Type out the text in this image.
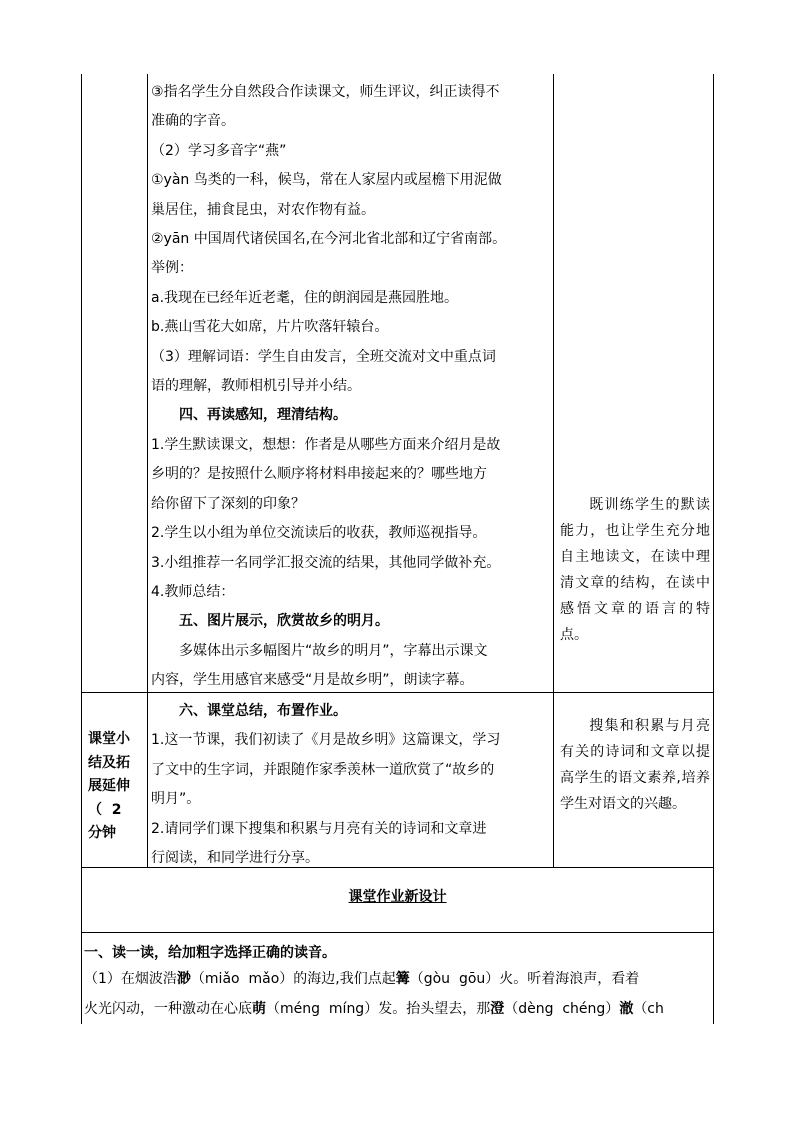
③指名学生分自然段合作读课文，师生评议，纠正读得不

准确的字音。

（2）学习多音字“燕”

①yàn 鸟类的一科，候鸟，常在人家屋内或屋檐下用泥做

巢居住，捕食昆虫，对农作物有益。

②yān 中国周代诸侯国名,在今河北省北部和辽宁省南部。

举例：

a.我现在已经年近老耄，住的朗润园是燕园胜地。

b.燕山雪花大如席，片片吹落轩辕台。

（3）理解词语：学生自由发言，全班交流对文中重点词

语的理解，教师相机引导并小结。

四、再读感知，理清结构。

1.学生默读课文，想想：作者是从哪些方面来介绍月是故

乡明的？是按照什么顺序将材料串接起来的？哪些地方

给你留下了深刻的印象？

2.学生以小组为单位交流读后的收获，教师巡视指导。

3.小组推荐一名同学汇报交流的结果，其他同学做补充。

4.教师总结：

五、图片展示，欣赏故乡的明月。

多媒体出示多幅图片“故乡的明月”，字幕出示课文

内容，学生用感官来感受“月是故乡明”，朗读字幕。

既训练学生的默读能力，也让学生充分地自主地读文，在读中理清文章的结构，在读中感悟文章的语言的特点。

课堂小

结及拓

展延伸

（  2

分钟

六、课堂总结，布置作业。

1.这一节课，我们初读了《月是故乡明》这篇课文，学习

了文中的生字词，并跟随作家季羡林一道欣赏了“故乡的

明月”。

2.请同学们课下搜集和积累与月亮有关的诗词和文章进

行阅读，和同学进行分享。

搜集和积累与月亮有关的诗词和文章以提高学生的语文素养,培养学生对语文的兴趣。
课堂作业新设计

一、读一读，给加粗字选择正确的读音。

（1）在烟波浩渺（miǎo  mǎo）的海边,我们点起篝（gòu  gōu）火。听着海浪声，看着

火光闪动，一种激动在心底萌（méng  míng）发。抬头望去，那澄（dèng  chéng）澈（ch
